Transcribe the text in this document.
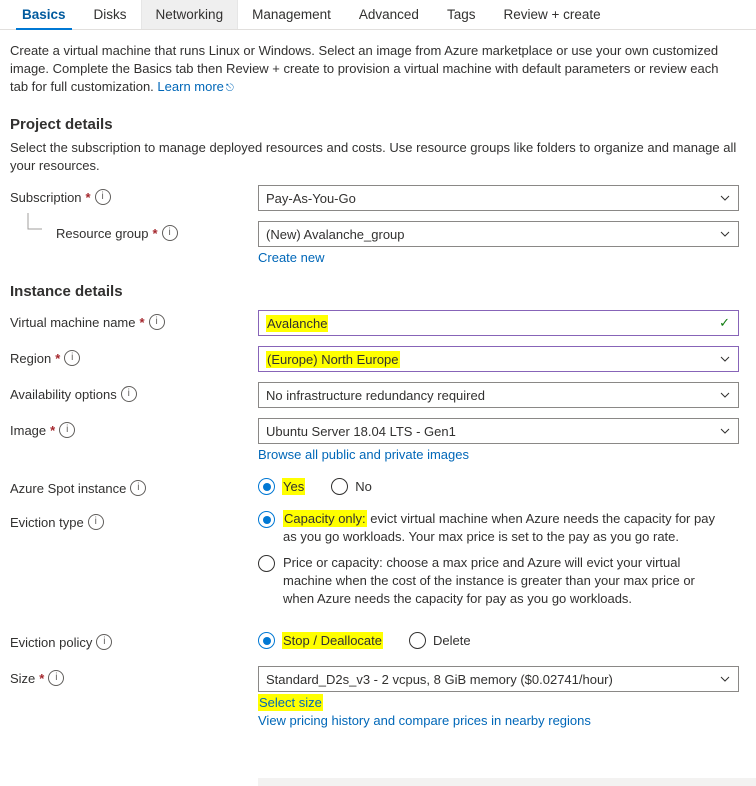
Basics Disks Networking Management Advanced Tags Review + create
Create a virtual machine that runs Linux or Windows. Select an image from Azure marketplace or use your own customized image. Complete the Basics tab then Review + create to provision a virtual machine with default parameters or review each tab for full customization. Learn more ⎋
Project details
Select the subscription to manage deployed resources and costs. Use resource groups like folders to organize and manage all your resources.
Subscription *	i	Pay-As-You-Go
Resource group *	i	(New) Avalanche_group
Create new
Instance details
Virtual machine name *	i	Avalanche	✓
Region *	i	(Europe) North Europe
Availability options	i	No infrastructure redundancy required
Image *	i	Ubuntu Server 18.04 LTS - Gen1
Browse all public and private images
Azure Spot instance	i	Yes	No
Eviction type	i	Capacity only: evict virtual machine when Azure needs the capacity for pay as you go workloads. Your max price is set to the pay as you go rate.
Price or capacity: choose a max price and Azure will evict your virtual machine when the cost of the instance is greater than your max price or when Azure needs the capacity for pay as you go workloads.
Eviction policy	i	Stop / Deallocate	Delete
Size *	i	Standard_D2s_v3 - 2 vcpus, 8 GiB memory ($0.02741/hour)
Select size
View pricing history and compare prices in nearby regions
